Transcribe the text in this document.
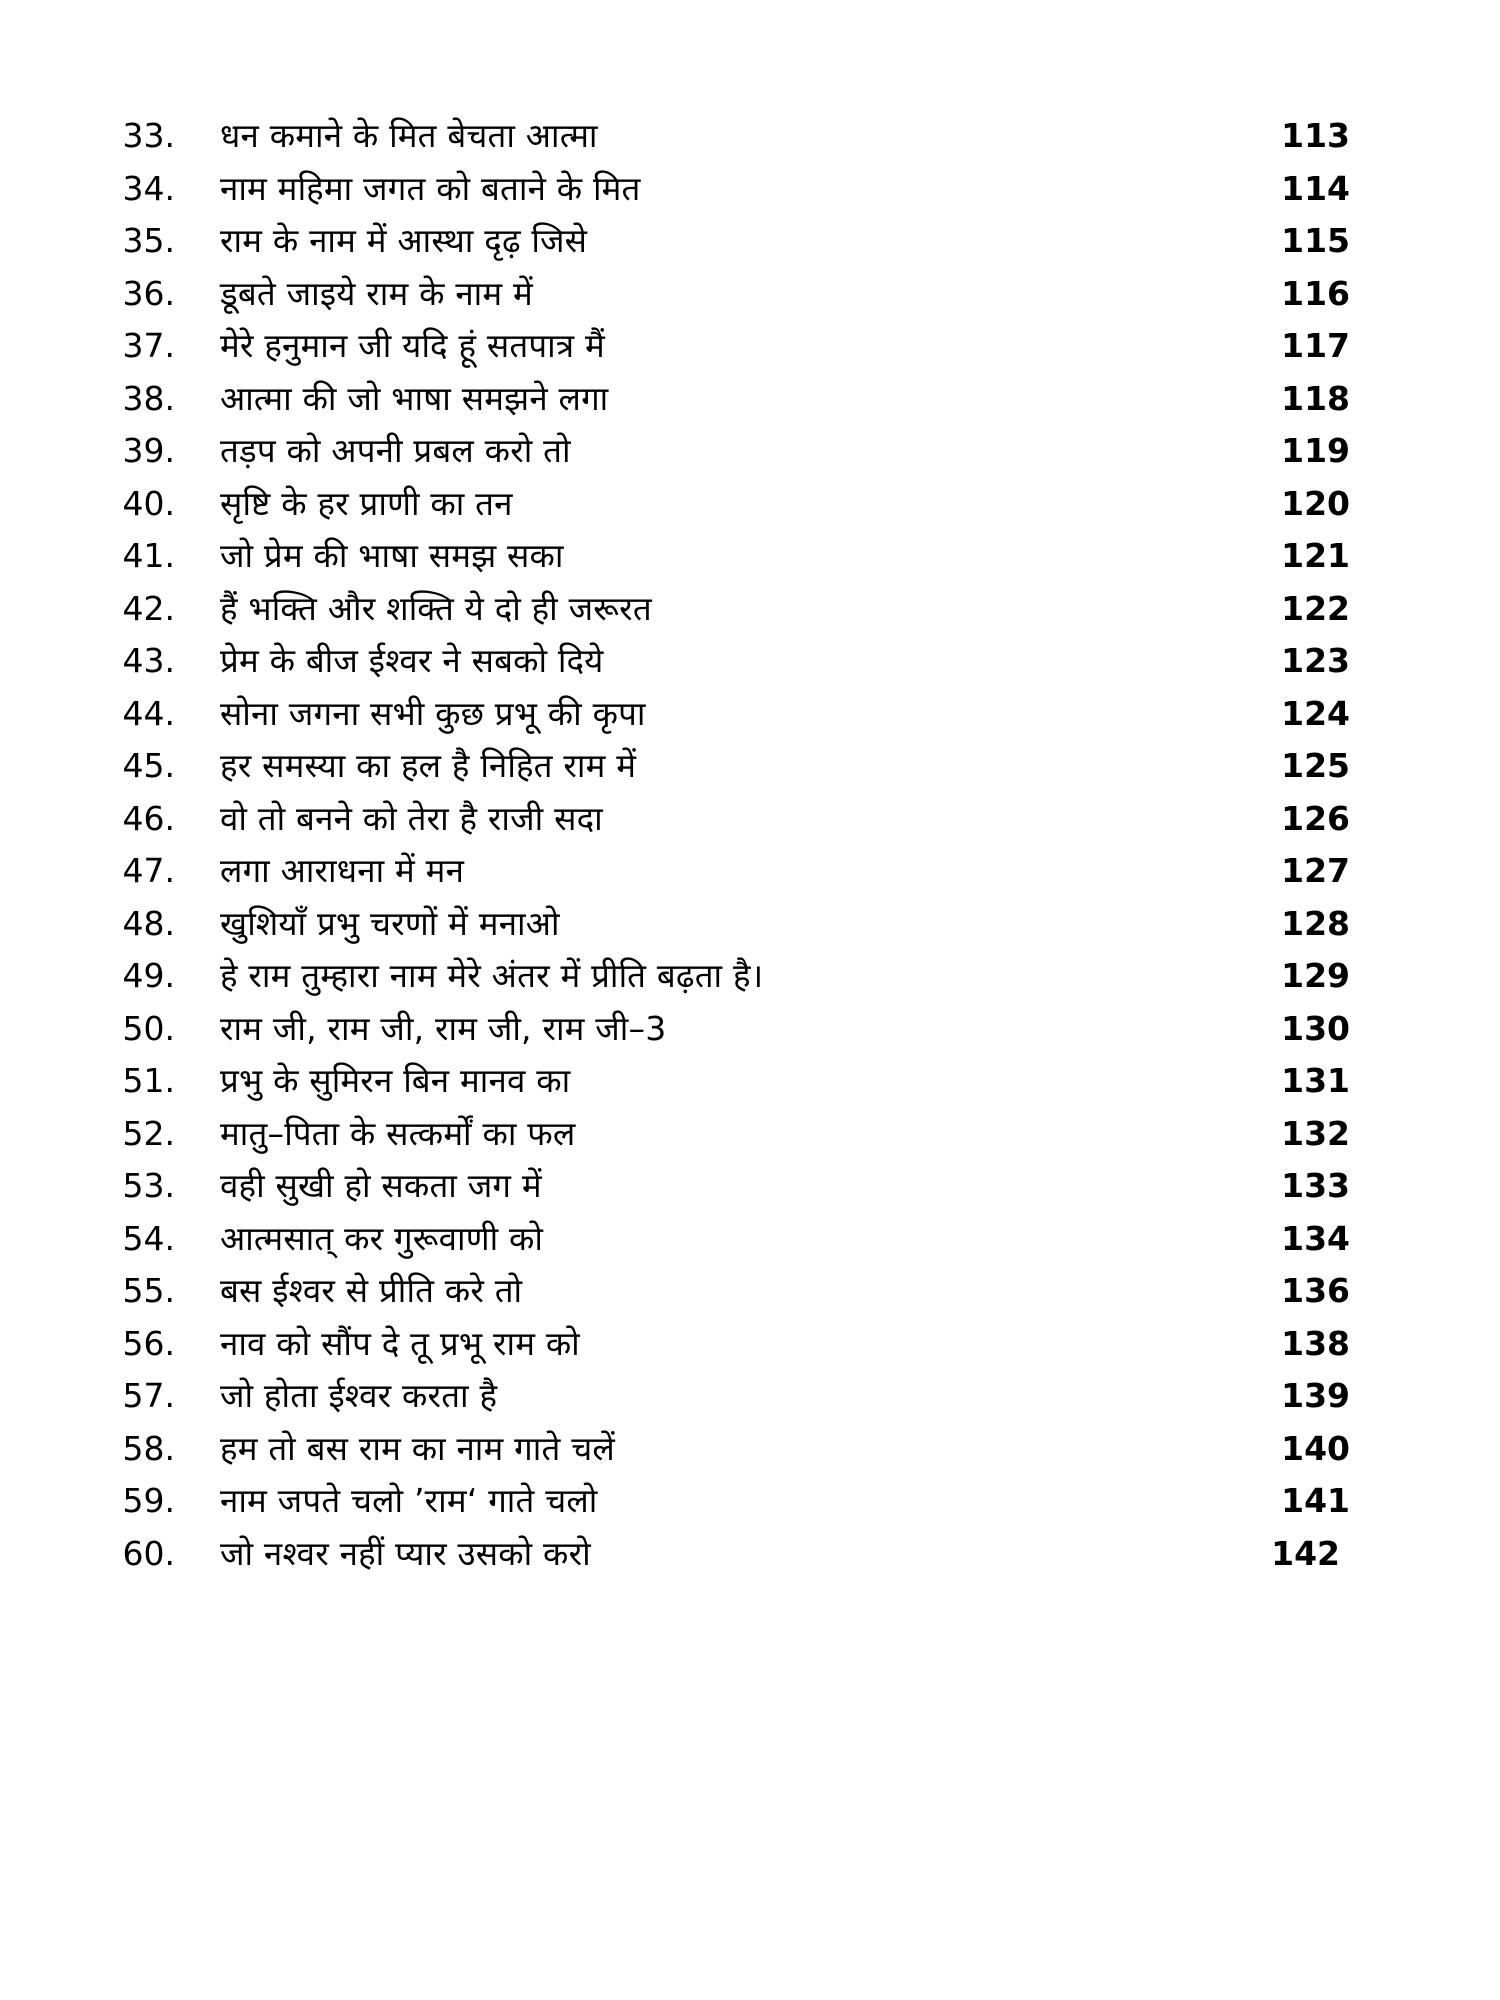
33.	धन कमाने के मित बेचता आत्मा	113
34.	नाम महिमा जगत को बताने के मित	114
35.	राम के नाम में आस्था दृढ़ जिसे	115
36.	डूबते जाइये राम के नाम में	116
37.	मेरे हनुमान जी यदि हूं सतपात्र मैं	117
38.	आत्मा की जो भाषा समझने लगा	118
39.	तड़प को अपनी प्रबल करो तो	119
40.	सृष्टि के हर प्राणी का तन	120
41.	जो प्रेम की भाषा समझ सका	121
42.	हैं भक्ति और शक्ति ये दो ही जरूरत	122
43.	प्रेम के बीज ईश्वर ने सबको दिये	123
44.	सोना जगना सभी कुछ प्रभू की कृपा	124
45.	हर समस्या का हल है निहित राम में	125
46.	वो तो बनने को तेरा है राजी सदा	126
47.	लगा आराधना में मन	127
48.	खुशियाँ प्रभु चरणों में मनाओ	128
49.	हे राम तुम्हारा नाम मेरे अंतर में प्रीति बढ़ता है।	129
50.	राम जी, राम जी, राम जी, राम जी–3	130
51.	प्रभु के सुमिरन बिन मानव का	131
52.	मातु–पिता के सत्कर्मों का फल	132
53.	वही सुखी हो सकता जग में	133
54.	आत्मसात् कर गुरूवाणी को	134
55.	बस ईश्वर से प्रीति करे तो	136
56.	नाव को सौंप दे तू प्रभू राम को	138
57.	जो होता ईश्वर करता है	139
58.	हम तो बस राम का नाम गाते चलें	140
59.	नाम जपते चलो ’राम‘ गाते चलो	141
60.	जो नश्वर नहीं प्यार उसको करो	142
